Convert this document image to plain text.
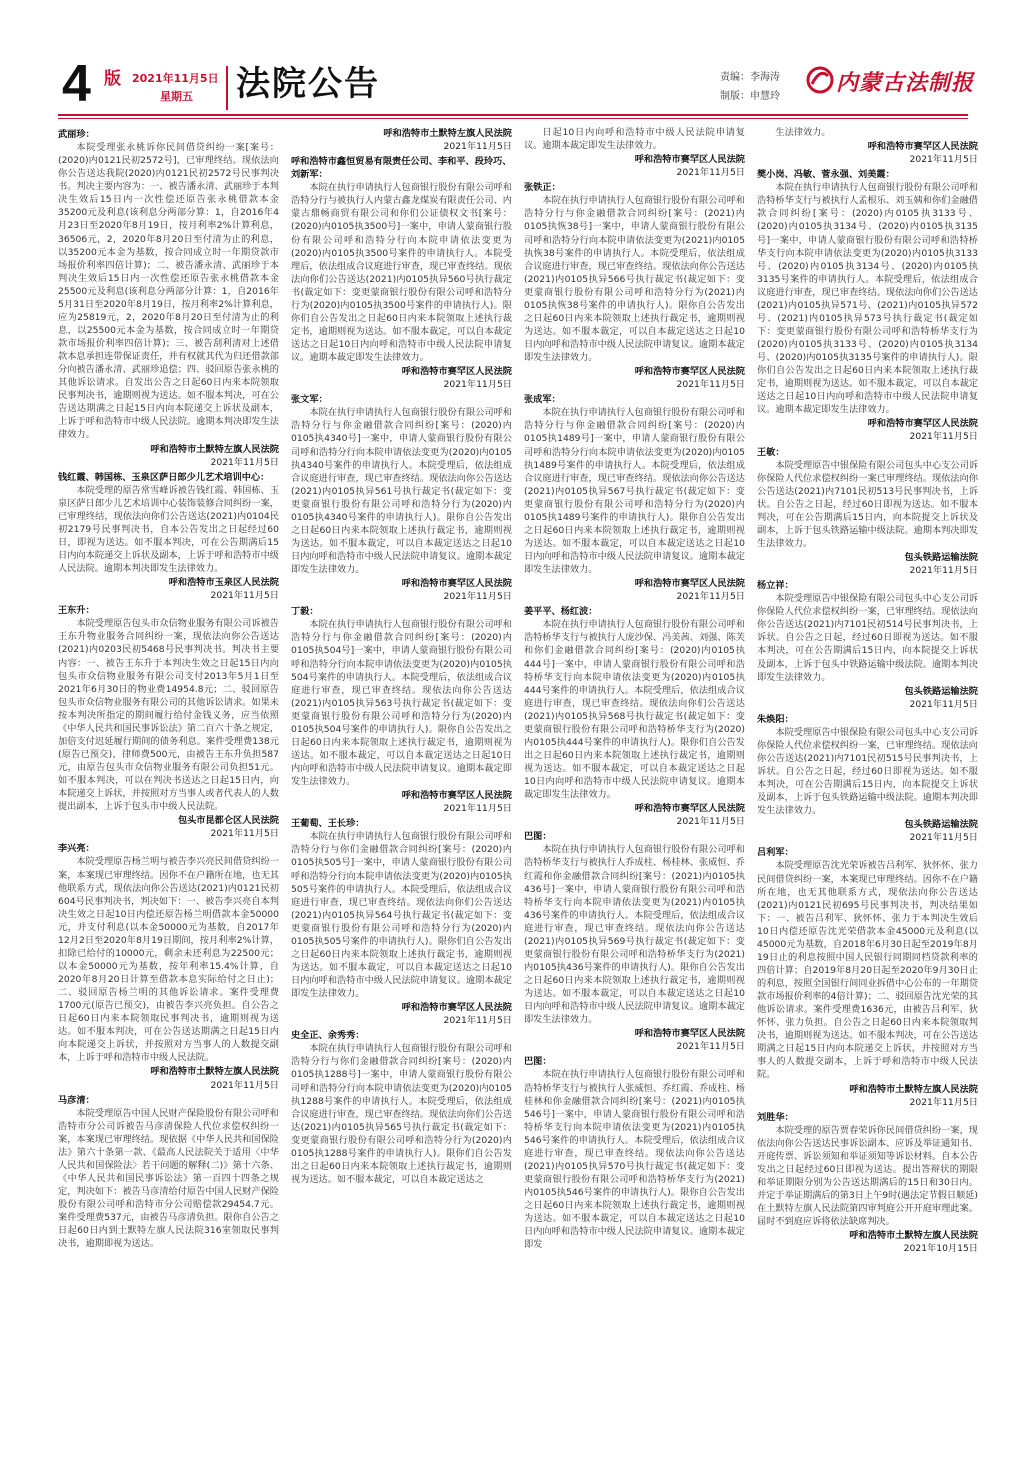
4 版 2021年11月5日
星期五 法院公告	责编：李海涛
制版：申慧玲
内蒙古法制报
武丽珍：
本院受理张永桃诉你民间借贷纠纷一案[案号：(2020)内0121民初2572号]，已审理终结。现依法向你公告送达我院(2020)内0121民初2572号民事判决书。判决主要内容为：一、被告潘永清、武丽珍于本判决生效后15日内一次性偿还原告张永桃借款本金35200元及利息(该利息分两部分算：1，自2016年4月23日至2020年8月19日，按月利率2%计算利息，36506元，2，2020年8月20日至付清为止的利息，以35200元本金为基数，按合同成立时一年期贷款市场报价利率四倍计算)；二、被告潘永清、武丽珍于本判决生效后15日内一次性偿还原告张永桃借款本金25500元及利息(该利息分两部分计算：1，自2016年5月31日至2020年8月19日，按月利率2%计算利息，应为25819元，2，2020年8月20日至付清为止的利息，以25500元本金为基数，按合同成立时一年期贷款市场报价利率四倍计算)；三、被告刮利清对上述借款本息承担连带保证责任，并有权就其代为归还借款部分向被告潘永清、武丽珍追偿；四、驳回原告张永桃的其他诉讼请求。自发出公告之日起60日内来本院领取民事判决书，逾期则视为送达。如不服本判决，可在公告送达期满之日起15日内向本院递交上诉状及副本，上诉于呼和浩特市中级人民法院。逾期本判决即发生法律效力。
呼和浩特市土默特左旗人民法院
2021年11月5日
钱红霞、韩国栋、玉泉区萨日郎少儿艺术培训中心：
本院受理的原告常雪峰诉被告钱红霞、韩国栋、玉泉区萨日郎少儿艺术培训中心装饰装修合同纠纷一案，已审理终结，现依法向你们公告送达(2021)内0104民初2179号民事判决书，自本公告发出之日起经过60日，即视为送达。如不服本判决，可在公告期满后15日内向本院递交上诉状及副本，上诉于呼和浩特市中级人民法院。逾期本判决即发生法律效力。
呼和浩特市玉泉区人民法院
2021年11月5日
王东升：
本院受理原告包头市众信物业服务有限公司诉被告王东升物业服务合同纠纷一案，现依法向你公告送达(2021)内0203民初5468号民事判决书。判决书主要内容：一、被告王东升于本判决生效之日起15日内向包头市众信物业服务有限公司支付2013年5月1日至2021年6月30日的物业费14954.8元；二、驳回原告包头市众信物业服务有限公司的其他诉讼请求。如果未按本判决所指定的期间履行给付金钱义务，应当依照《中华人民共和国民事诉讼法》第二百六十条之规定，加倍支付迟延履行期间的债务利息。案件受理费138元(原告已预交)，律师费500元，由被告王东升负担587元，由原告包头市众信物业服务有限公司负担51元。如不服本判决，可以在判决书送达之日起15日内，向本院递交上诉状，并按照对方当事人或者代表人的人数提出副本，上诉于包头市中级人民法院。
包头市昆都仑区人民法院
2021年11月5日
李兴亮：
本院受理原告杨兰明与被告李兴亮民间借贷纠纷一案，本案现已审理终结。因你不在户籍所在地，也无其他联系方式，现依法向你公告送达(2021)内0121民初604号民事判决书，判决如下：一、被告李兴亮自本判决生效之日起10日内偿还原告杨兰明借款本金50000元，并支付利息(以本金50000元为基数，自2017年12月2日至2020年8月19日期间，按月利率2%计算，扣除已给付的10000元，剩余未还利息为22500元；以本金50000元为基数，按年利率15.4%计算，自2020年8月20日计算至借款本息实际给付之日止)；二、驳回原告杨兰明的其他诉讼请求。案件受理费1700元(原告已预交)，由被告李兴亮负担。自公告之日起60日内来本院领取民事判决书，逾期则视为送达。如不服本判决，可在公告送达期满之日起15日内向本院递交上诉状，并按照对方当事人的人数提交副本，上诉于呼和浩特市中级人民法院。
呼和浩特市土默特左旗人民法院
2021年11月5日
马彦清：
本院受理原告中国人民财产保险股份有限公司呼和浩特市分公司诉被告马彦清保险人代位求偿权纠纷一案，本案现已审理终结。现依据《中华人民共和国保险法》第六十条第一款、《最高人民法院关于适用〈中华人民共和国保险法〉若干问题的解释(二)》第十六条、《中华人民共和国民事诉讼法》第一百四十四条之规定，判决如下：被告马彦清给付原告中国人民财产保险股份有限公司呼和浩特市分公司赔偿款29454.7元。案件受理费537元，由被告马彦清负担。限你自公告之日起60日内到土默特左旗人民法院316室领取民事判决书，逾期即视为送达。
呼和浩特市土默特左旗人民法院
2021年11月5日
呼和浩特市鑫恒贸易有限责任公司、李和平、段玲巧、刘新军：
本院在执行申请执行人包商银行股份有限公司呼和浩特分行与被执行人内蒙古鑫龙煤炭有限责任公司、内蒙古鼎畅商贸有限公司和你们公证债权文书[案号：(2020)内0105执3500号]一案中，申请人蒙商银行股份有限公司呼和浩特分行向本院申请依法变更为(2020)内0105执3500号案件的申请执行人。本院受理后，依法组成合议庭进行审查，现已审查终结。现依法向你们公告送达(2021)内0105执异560号执行裁定书(裁定如下：变更蒙商银行股份有限公司呼和浩特分行为(2020)内0105执3500号案件的申请执行人)。限你们自公告发出之日起60日内来本院领取上述执行裁定书，逾期则视为送达。如不服本裁定，可以自本裁定送达之日起10日内向呼和浩特市中级人民法院申请复议。逾期本裁定即发生法律效力。
呼和浩特市赛罕区人民法院
2021年11月5日
张文军：
本院在执行申请执行人包商银行股份有限公司呼和浩特分行与你金融借款合同纠纷[案号：(2020)内0105执4340号]一案中，申请人蒙商银行股份有限公司呼和浩特分行向本院申请依法变更为(2020)内0105执4340号案件的申请执行人。本院受理后，依法组成合议庭进行审查，现已审查终结。现依法向你公告送达(2021)内0105执异561号执行裁定书(裁定如下：变更蒙商银行股份有限公司呼和浩特分行为(2020)内0105执4340号案件的申请执行人)。限你自公告发出之日起60日内来本院领取上述执行裁定书，逾期则视为送达。如不服本裁定，可以自本裁定送达之日起10日内向呼和浩特市中级人民法院申请复议。逾期本裁定即发生法律效力。
呼和浩特市赛罕区人民法院
2021年11月5日
丁毅：
本院在执行申请执行人包商银行股份有限公司呼和浩特分行与你金融借款合同纠纷[案号：(2020)内0105执504号]一案中，申请人蒙商银行股份有限公司呼和浩特分行向本院申请依法变更为(2020)内0105执504号案件的申请执行人。本院受理后，依法组成合议庭进行审查，现已审查终结。现依法向你公告送达(2021)内0105执异563号执行裁定书(裁定如下：变更蒙商银行股份有限公司呼和浩特分行为(2020)内0105执504号案件的申请执行人)。限你自公告发出之日起60日内来本院领取上述执行裁定书，逾期则视为送达。如不服本裁定，可以自本裁定送达之日起10日内向呼和浩特市中级人民法院申请复议。逾期本裁定即发生法律效力。
呼和浩特市赛罕区人民法院
2021年11月5日
王葡萄、王长珍：
本院在执行申请执行人包商银行股份有限公司呼和浩特分行与你们金融借款合同纠纷[案号：(2020)内0105执505号]一案中，申请人蒙商银行股份有限公司呼和浩特分行向本院申请依法变更为(2020)内0105执505号案件的申请执行人。本院受理后，依法组成合议庭进行审查，现已审查终结。现依法向你们公告送达(2021)内0105执异564号执行裁定书(裁定如下：变更蒙商银行股份有限公司呼和浩特分行为(2020)内0105执505号案件的申请执行人)。限你们自公告发出之日起60日内来本院领取上述执行裁定书，逾期则视为送达。如不服本裁定，可以自本裁定送达之日起10日内向呼和浩特市中级人民法院申请复议。逾期本裁定即发生法律效力。
呼和浩特市赛罕区人民法院
2021年11月5日
史全正、余秀秀：
本院在执行申请执行人包商银行股份有限公司呼和浩特分行与你们金融借款合同纠纷[案号：(2020)内0105执1288号]一案中，申请人蒙商银行股份有限公司呼和浩特分行向本院申请依法变更为(2020)内0105执1288号案件的申请执行人。本院受理后，依法组成合议庭进行审查，现已审查终结。现依法向你们公告送达(2021)内0105执异565号执行裁定书(裁定如下：变更蒙商银行股份有限公司呼和浩特分行为(2020)内0105执1288号案件的申请执行人)。限你们自公告发出之日起60日内来本院领取上述执行裁定书，逾期则视为送达。如不服本裁定，可以自本裁定送达之
日起10日内向呼和浩特市中级人民法院申请复议。逾期本裁定即发生法律效力。
呼和浩特市赛罕区人民法院
2021年11月5日
张铁正：
本院在执行申请执行人包商银行股份有限公司呼和浩特分行与你金融借款合同纠纷[案号：(2021)内0105执恢38号]一案中，申请人蒙商银行股份有限公司呼和浩特分行向本院申请依法变更为(2021)内0105执恢38号案件的申请执行人。本院受理后，依法组成合议庭进行审查，现已审查终结。现依法向你公告送达(2021)内0105执异566号执行裁定书(裁定如下：变更蒙商银行股份有限公司呼和浩特分行为(2021)内0105执恢38号案件的申请执行人)。限你自公告发出之日起60日内来本院领取上述执行裁定书，逾期则视为送达。如不服本裁定，可以自本裁定送达之日起10日内向呼和浩特市中级人民法院申请复议。逾期本裁定即发生法律效力。
呼和浩特市赛罕区人民法院
2021年11月5日
张成军：
本院在执行申请执行人包商银行股份有限公司呼和浩特分行与你金融借款合同纠纷[案号：(2020)内0105执1489号]一案中，申请人蒙商银行股份有限公司呼和浩特分行向本院申请依法变更为(2020)内0105执1489号案件的申请执行人。本院受理后，依法组成合议庭进行审查，现已审查终结。现依法向你公告送达(2021)内0105执异567号执行裁定书(裁定如下：变更蒙商银行股份有限公司呼和浩特分行为(2020)内0105执1489号案件的申请执行人)。限你自公告发出之日起60日内来本院领取上述执行裁定书，逾期则视为送达。如不服本裁定，可以自本裁定送达之日起10日内向呼和浩特市中级人民法院申请复议。逾期本裁定即发生法律效力。
呼和浩特市赛罕区人民法院
2021年11月5日
姜平平、杨红波：
本院在执行申请执行人包商银行股份有限公司呼和浩特桥华支行与被执行人庞沙保、冯美茜、刘强、陈芙和你们金融借款合同纠纷[案号：(2020)内0105执444号]一案中，申请人蒙商银行股份有限公司呼和浩特桥华支行向本院申请依法变更为(2020)内0105执444号案件的申请执行人。本院受理后，依法组成合议庭进行审查，现已审查终结。现依法向你们公告送达(2021)内0105执异568号执行裁定书(裁定如下：变更蒙商银行股份有限公司呼和浩特桥华支行为(2020)内0105执444号案件的申请执行人)。限你们自公告发出之日起60日内来本院领取上述执行裁定书，逾期则视为送达。如不服本裁定，可以自本裁定送达之日起10日内向呼和浩特市中级人民法院申请复议。逾期本裁定即发生法律效力。
呼和浩特市赛罕区人民法院
2021年11月5日
巴图：
本院在执行申请执行人包商银行股份有限公司呼和浩特桥华支行与被执行人乔成柱、杨桂林、张威恒、乔红霞和你金融借款合同纠纷[案号：(2021)内0105执436号]一案中，申请人蒙商银行股份有限公司呼和浩特桥华支行向本院申请依法变更为(2021)内0105执436号案件的申请执行人。本院受理后，依法组成合议庭进行审查，现已审查终结。现依法向你公告送达(2021)内0105执异569号执行裁定书(裁定如下：变更蒙商银行股份有限公司呼和浩特桥华支行为(2021)内0105执436号案件的申请执行人)。限你自公告发出之日起60日内来本院领取上述执行裁定书，逾期则视为送达。如不服本裁定，可以自本裁定送达之日起10日内向呼和浩特市中级人民法院申请复议。逾期本裁定即发生法律效力。
呼和浩特市赛罕区人民法院
2021年11月5日
巴图：
本院在执行申请执行人包商银行股份有限公司呼和浩特桥华支行与被执行人张威恒、乔红霞、乔成柱、杨桂林和你金融借款合同纠纷[案号：(2021)内0105执546号]一案中，申请人蒙商银行股份有限公司呼和浩特桥华支行向本院申请依法变更为(2021)内0105执546号案件的申请执行人。本院受理后，依法组成合议庭进行审查，现已审查终结。现依法向你公告送达(2021)内0105执异570号执行裁定书(裁定如下：变更蒙商银行股份有限公司呼和浩特桥华支行为(2021)内0105执546号案件的申请执行人)。限你自公告发出之日起60日内来本院领取上述执行裁定书，逾期则视为送达。如不服本裁定，可以自本裁定送达之日起10日内向呼和浩特市中级人民法院申请复议。逾期本裁定即发
生法律效力。
呼和浩特市赛罕区人民法院
2021年11月5日
樊小岗、冯敏、菅永强、刘美霞：
本院在执行申请执行人包商银行股份有限公司呼和浩特桥华支行与被执行人孟根乐、刘玉姨和你们金融借款合同纠纷[案号：(2020)内0105执3133号、(2020)内0105执3134号、(2020)内0105执3135号]一案中，申请人蒙商银行股份有限公司呼和浩特桥华支行向本院申请依法变更为(2020)内0105执3133号、(2020)内0105执3134号、(2020)内0105执3135号案件的申请执行人。本院受理后，依法组成合议庭进行审查，现已审查终结。现依法向你们公告送达(2021)内0105执异571号、(2021)内0105执异572号、(2021)内0105执异573号执行裁定书(裁定如下：变更蒙商银行股份有限公司呼和浩特桥华支行为(2020)内0105执3133号、(2020)内0105执3134号、(2020)内0105执3135号案件的申请执行人)。限你们自公告发出之日起60日内来本院领取上述执行裁定书，逾期则视为送达。如不服本裁定，可以自本裁定送达之日起10日内向呼和浩特市中级人民法院申请复议。逾期本裁定即发生法律效力。
呼和浩特市赛罕区人民法院
2021年11月5日
王敏：
本院受理原告中银保险有限公司包头中心支公司诉你保险人代位求偿权纠纷一案已审理终结。现依法向你公告送达(2021)内7101民初513号民事判决书，上诉状。自公告之日起，经过60日即视为送达。如不服本判决，可在公告期满后15日内，向本院提交上诉状及副本，上诉于包头铁路运输中级法院。逾期本判决即发生法律效力。
包头铁路运输法院
2021年11月5日
杨立祥：
本院受理原告中银保险有限公司包头中心支公司诉你保险人代位求偿权纠纷一案，已审理终结。现依法向你公告送达(2021)内7101民初514号民事判决书，上诉状。自公告之日起，经过60日即视为送达。如不服本判决，可在公告期满后15日内，向本院提交上诉状及副本，上诉于包头中铁路运输中级法院。逾期本判决即发生法律效力。
包头铁路运输法院
2021年11月5日
朱焕阳：
本院受理原告中银保险有限公司包头中心支公司诉你保险人代位求偿权纠纷一案，已审理终结。现依法向你公告送达(2021)内7101民初515号民事判决书，上诉状。自公告之日起，经过60日即视为送达。如不服本判决，可在公告期满后15日内，向本院提交上诉状及副本，上诉于包头铁路运输中级法院。逾期本判决即发生法律效力。
包头铁路运输法院
2021年11月5日
吕利军：
本院受理原告沈光荣诉被告吕利军、狄怀怀、张力民间借贷纠纷一案，本案现已审理终结。因你不在户籍所在地，也无其他联系方式，现依法向你公告送达(2021)内0121民初695号民事判决书，判决结果如下：一、被告吕利军、狄怀怀、张力于本判决生效后10日内偿还原告沈光荣借款本金45000元及利息(以45000元为基数，自2018年6月30日起至2019年8月19日止的利息按照中国人民银行同期同档贷款利率的四倍计算；自2019年8月20日起至2020年9月30日止的利息，按照全国银行间同业拆借中心公布的一年期贷款市场报价利率的4倍计算)；二、驳回原告沈光荣的其他诉讼请求。案件受理费1636元，由被告吕利军、狄怀怀、张力负担。自公告之日起60日内来本院领取判决书，逾期则视为送达。如不服本判决，可在公告送达期满之日起15日内向本院递交上诉状，并按照对方当事人的人数提交副本，上诉于呼和浩特市中级人民法院。
呼和浩特市土默特左旗人民法院
2021年11月5日
刘胜华：
本院受理的原告贾春荣诉你民间借贷纠纷一案，现依法向你公告送达民事诉讼副本、应诉及举证通知书、开庭传票、诉讼须知和举证须知等诉讼材料。自本公告发出之日起经过60日即视为送达。提出答辩状的期限和举证期限分别为公告送达期满后的15日和30日内。并定于举证期满后的第3日上午9时(遇法定节假日顺延)在土默特左旗人民法院第四审判庭公开开庭审理此案。届时不到庭应诉将依法缺席判决。
呼和浩特市土默特左旗人民法院
2021年10月15日
